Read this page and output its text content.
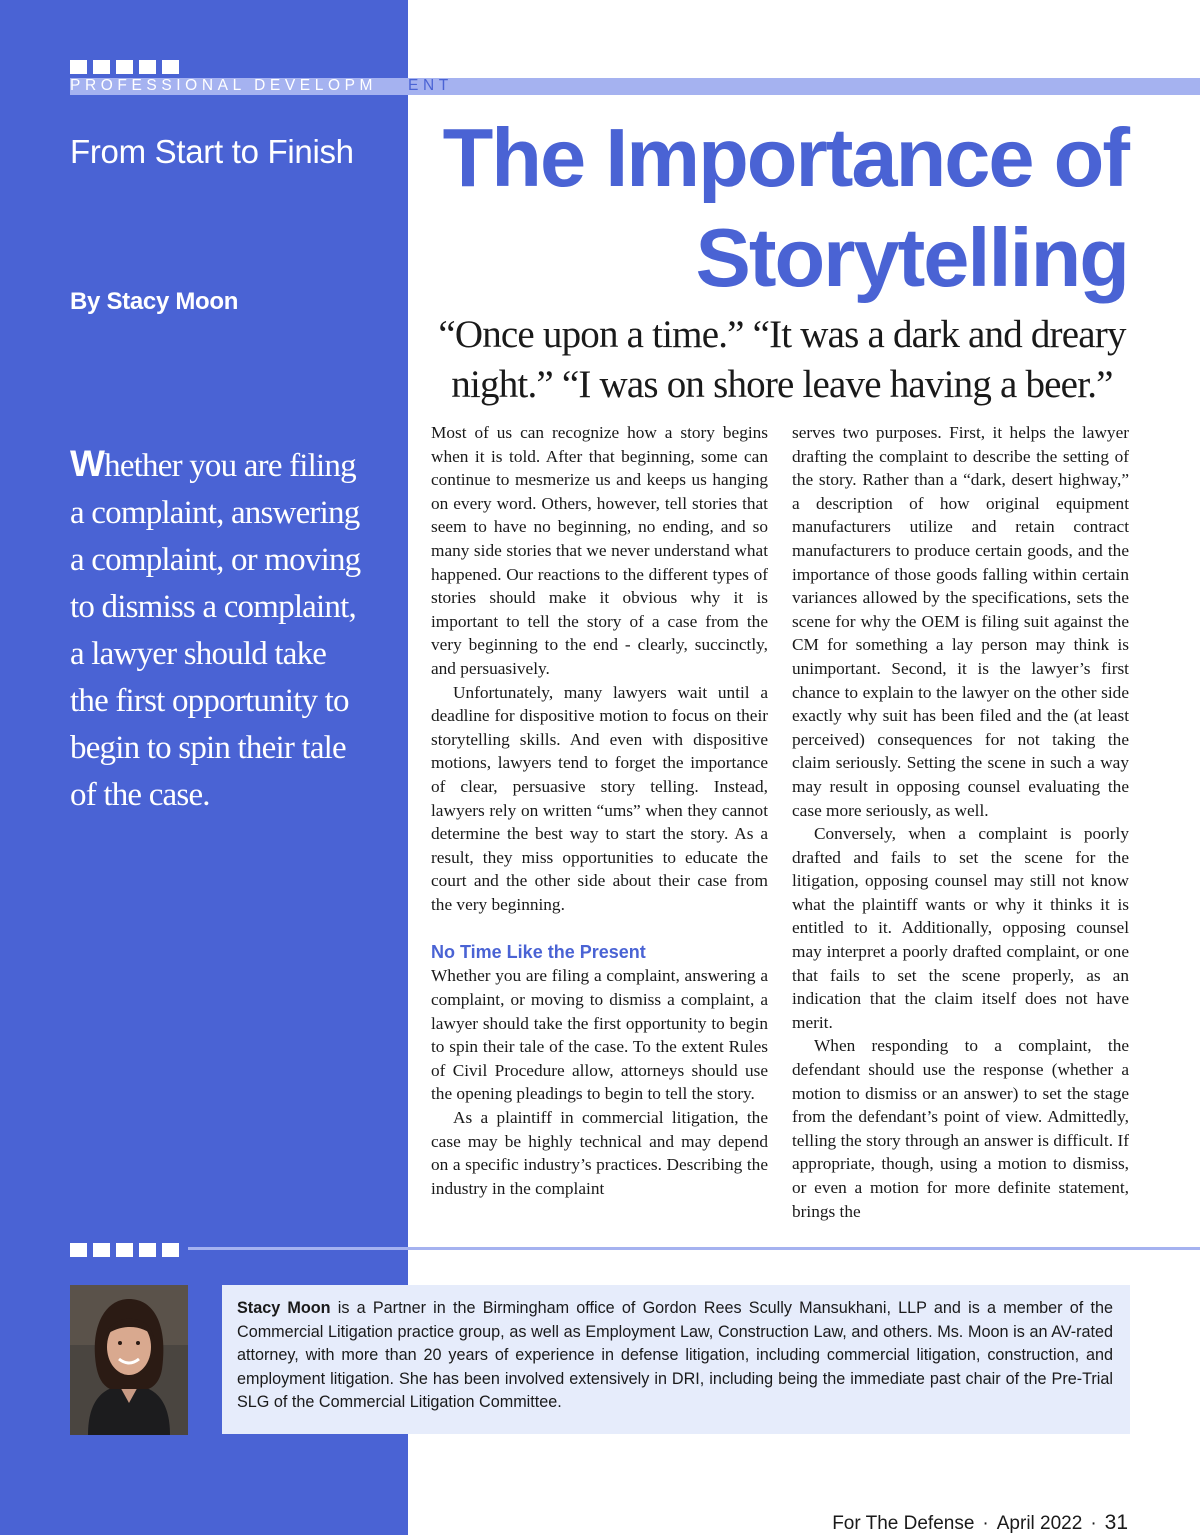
PROFESSIONAL DEVELOPM ENT
From Start to Finish
By Stacy Moon
Whether you are filing a complaint, answering a complaint, or moving to dismiss a complaint, a lawyer should take the first opportunity to begin to spin their tale of the case.
The Importance of
Storytelling
“Once upon a time.” “It was a dark and dreary night.” “I was on shore leave having a beer.”

Most of us can recognize how a story begins when it is told. After that beginning, some can continue to mesmerize us and keeps us hanging on every word. Others, however, tell stories that seem to have no beginning, no ending, and so many side stories that we never understand what happened. Our reactions to the different types of stories should make it obvious why it is important to tell the story of a case from the very beginning to the end - clearly, succinctly, and persuasively.

Unfortunately, many lawyers wait until a deadline for dispositive motion to focus on their storytelling skills. And even with dispositive motions, lawyers tend to forget the importance of clear, persuasive story telling. Instead, lawyers rely on written “ums” when they cannot determine the best way to start the story. As a result, they miss opportunities to educate the court and the other side about their case from the very beginning.

No Time Like the Present

Whether you are filing a complaint, answering a complaint, or moving to dismiss a complaint, a lawyer should take the first opportunity to begin to spin their tale of the case. To the extent Rules of Civil Procedure allow, attorneys should use the opening pleadings to begin to tell the story.

As a plaintiff in commercial litigation, the case may be highly technical and may depend on a specific industry’s practices. Describing the industry in the complaint

serves two purposes. First, it helps the lawyer drafting the complaint to describe the setting of the story. Rather than a “dark, desert highway,” a description of how original equipment manufacturers utilize and retain contract manufacturers to produce certain goods, and the importance of those goods falling within certain variances allowed by the specifications, sets the scene for why the OEM is filing suit against the CM for something a lay person may think is unimportant. Second, it is the lawyer’s first chance to explain to the lawyer on the other side exactly why suit has been filed and the (at least perceived) consequences for not taking the claim seriously. Setting the scene in such a way may result in opposing counsel evaluating the case more seriously, as well.

Conversely, when a complaint is poorly drafted and fails to set the scene for the litigation, opposing counsel may still not know what the plaintiff wants or why it thinks it is entitled to it. Additionally, opposing counsel may interpret a poorly drafted complaint, or one that fails to set the scene properly, as an indication that the claim itself does not have merit.

When responding to a complaint, the defendant should use the response (whether a motion to dismiss or an answer) to set the stage from the defendant’s point of view. Admittedly, telling the story through an answer is difficult. If appropriate, though, using a motion to dismiss, or even a motion for more definite statement, brings the

Stacy Moon is a Partner in the Birmingham office of Gordon Rees Scully Mansukhani, LLP and is a member of the Commercial Litigation practice group, as well as Employment Law, Construction Law, and others. Ms. Moon is an AV-rated attorney, with more than 20 years of experience in defense litigation, including commercial litigation, construction, and employment litigation. She has been involved extensively in DRI, including being the immediate past chair of the Pre-Trial SLG of the Commercial Litigation Committee.
For The Defense · April 2022 · 31
